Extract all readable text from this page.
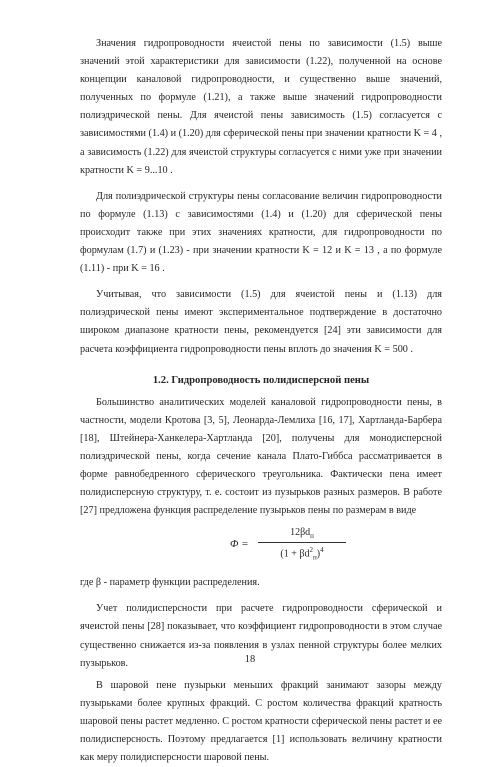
Значения гидропроводности ячеистой пены по зависимости (1.5) выше значений этой характеристики для зависимости (1.22), полученной на основе концепции каналовой гидропроводности, и существенно выше значений, полученных по формуле (1.21), а также выше значений гидропроводности полиэдрической пены. Для ячеистой пены зависимость (1.5) согласуется с зависимостями (1.4) и (1.20) для сферической пены при значении кратности K = 4 , а зависимость (1.22) для ячеистой структуры согласуется с ними уже при значении кратности K = 9...10 .

Для полиэдрической структуры пены согласование величин гидропроводности по формуле (1.13) с зависимостями (1.4) и (1.20) для сферической пены происходит также при этих значениях кратности, для гидропроводности по формулам (1.7) и (1.23) - при значении кратности K = 12 и K = 13 , а по формуле (1.11) - при K = 16 .

Учитывая, что зависимости (1.5) для ячеистой пены и (1.13) для полиэдрической пены имеют экспериментальное подтверждение в достаточно широком диапазоне кратности пены, рекомендуется [24] эти зависимости для расчета коэффициента гидропроводности пены вплоть до значения K = 500 .

1.2. Гидропроводность полидисперсной пены

Большинство аналитических моделей каналовой гидропроводности пены, в частности, модели Кротова [3, 5], Леонарда-Лемлиха [16, 17], Хартланда-Барбера [18], Штейнера-Ханкелера-Хартланда [20], получены для монодисперсной полиэдрической пены, когда сечение канала Плато-Гиббса рассматривается в форме равнобедренного сферического треугольника. Фактически пена имеет полидисперсную структуру, т. е. состоит из пузырьков разных размеров. В работе [27] предложена функция распределение пузырьков пены по размерам в виде

Φ =
$12\beta d_п$
$(1 + \beta d^2_п)^4$

где β - параметр функции распределения.

Учет полидисперсности при расчете гидропроводности сферической и ячеистой пены [28] показывает, что коэффициент гидропроводности в этом случае существенно снижается из-за появления в узлах пенной структуры более мелких пузырьков.

В шаровой пене пузырьки меньших фракций занимают зазоры между пузырьками более крупных фракций. С ростом количества фракций кратность шаровой пены растет медленно. С ростом кратности сферической пены растет и ее полидисперсность. Поэтому предлагается [1] использовать величину кратности как меру полидисперсности шаровой пены.

18
